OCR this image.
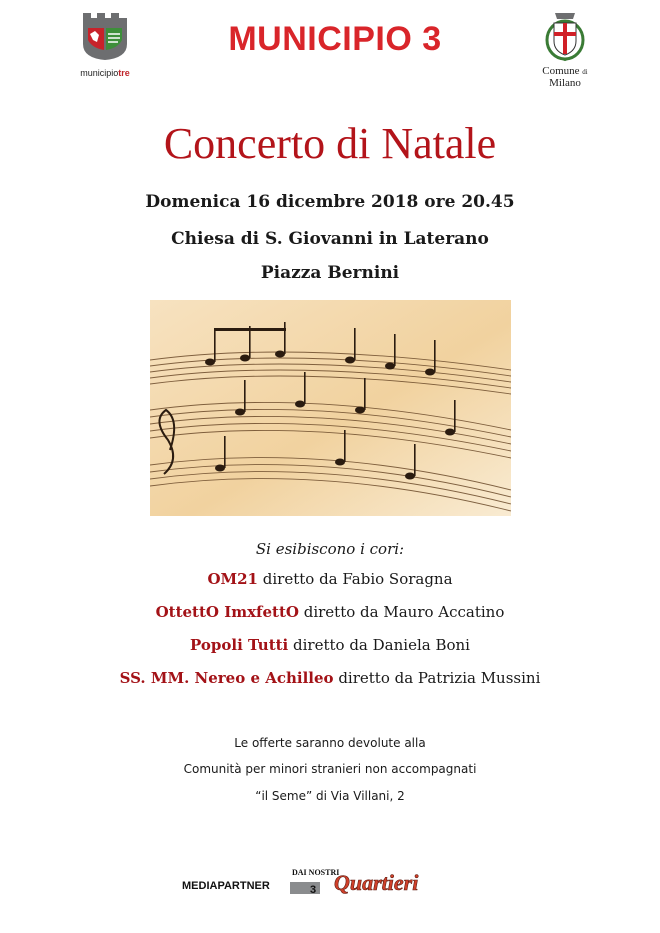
municipiotre
MUNICIPIO 3
Comune di
Milano
Concerto di Natale
Domenica 16 dicembre 2018 ore 20.45
Chiesa di S. Giovanni in Laterano
Piazza Bernini
Si esibiscono i cori:
OM21 diretto da Fabio Soragna
OttettO ImxfettO diretto da Mauro Accatino
Popoli Tutti diretto da Daniela Boni
SS. MM. Nereo e Achilleo diretto da Patrizia Mussini
Le offerte saranno devolute alla
Comunità per minori stranieri non accompagnati
“il Seme” di Via Villani, 2
MEDIAPARTNER
DAI NOSTRI
3 Quartieri
